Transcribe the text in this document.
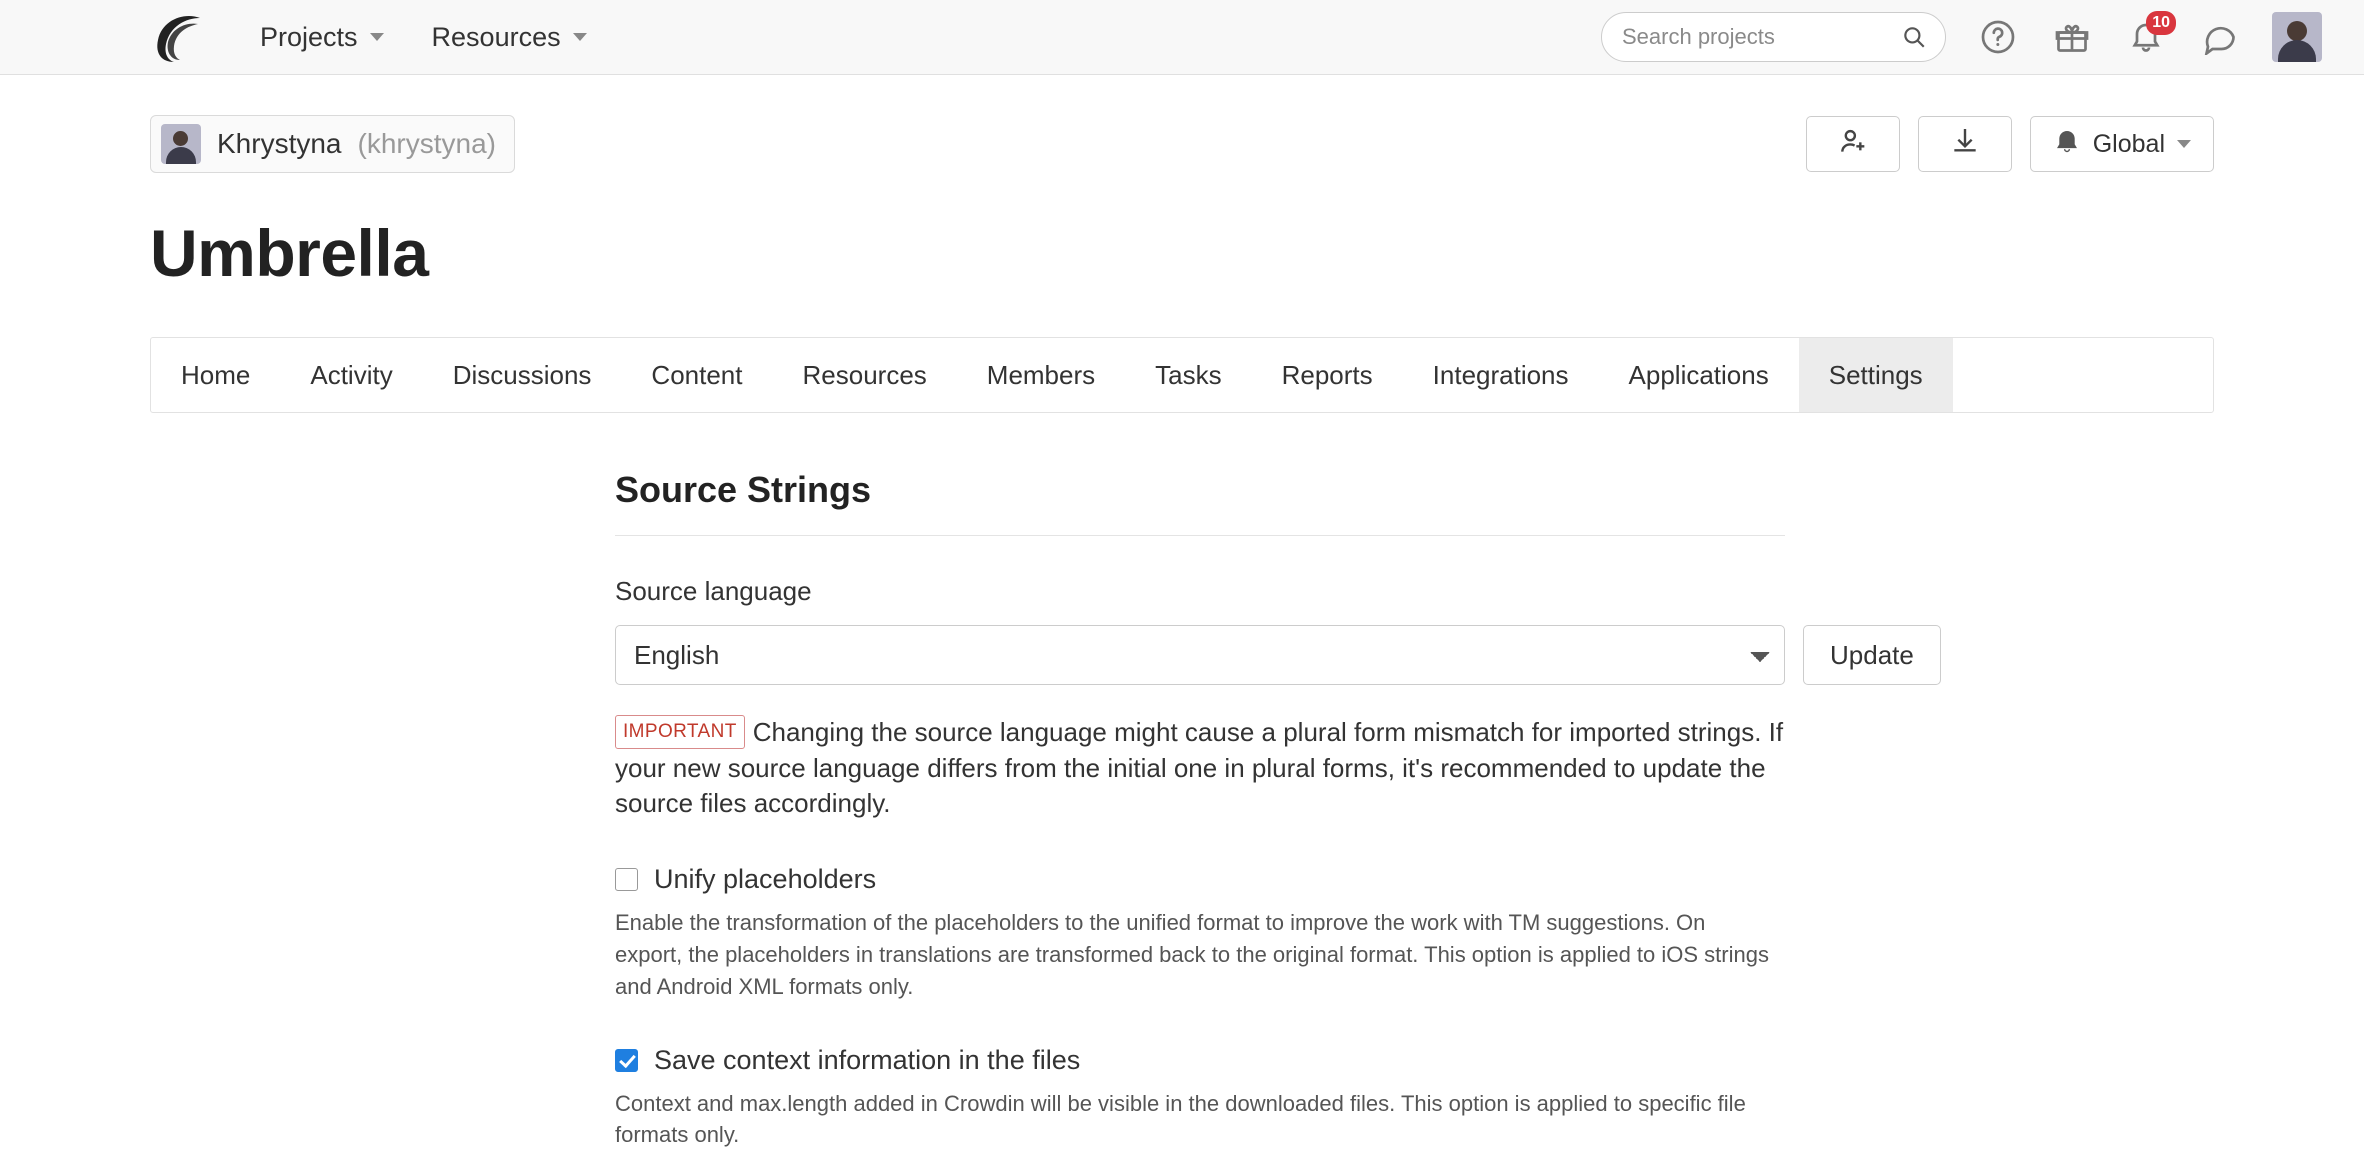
Projects	Resources
Search projects	10
Khrystyna (khrystyna)	Global
Umbrella
Home Activity Discussions Content Resources Members Tasks Reports Integrations Applications Settings
Source Strings
Source language
English
Update
IMPORTANT Changing the source language might cause a plural form mismatch for imported strings. If your new source language differs from the initial one in plural forms, it's recommended to update the source files accordingly.
Unify placeholders
Enable the transformation of the placeholders to the unified format to improve the work with TM suggestions. On export, the placeholders in translations are transformed back to the original format. This option is applied to iOS strings and Android XML formats only.
Save context information in the files
Context and max.length added in Crowdin will be visible in the downloaded files. This option is applied to specific file formats only.
